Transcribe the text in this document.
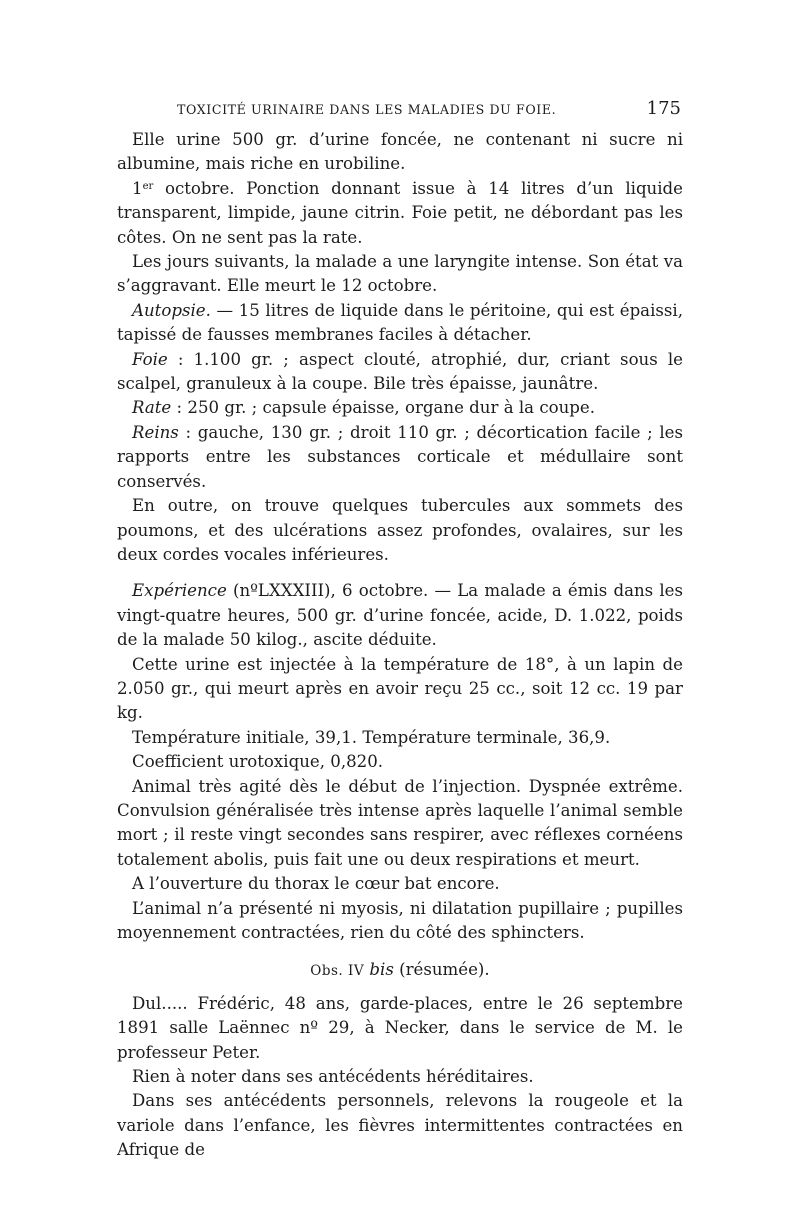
TOXICITÉ URINAIRE DANS LES MALADIES DU FOIE.	175

Elle urine 500 gr. d’urine foncée, ne contenant ni sucre ni albumine, mais riche en urobiline.

1er octobre. Ponction donnant issue à 14 litres d’un liquide transparent, limpide, jaune citrin. Foie petit, ne débordant pas les côtes. On ne sent pas la rate.

Les jours suivants, la malade a une laryngite intense. Son état va s’aggravant. Elle meurt le 12 octobre.

Autopsie. — 15 litres de liquide dans le péritoine, qui est épaissi, tapissé de fausses membranes faciles à détacher.

Foie : 1.100 gr. ; aspect clouté, atrophié, dur, criant sous le scalpel, granuleux à la coupe. Bile très épaisse, jaunâtre.

Rate : 250 gr. ; capsule épaisse, organe dur à la coupe.

Reins : gauche, 130 gr. ; droit 110 gr. ; décortication facile ; les rapports entre les substances corticale et médullaire sont conservés.

En outre, on trouve quelques tubercules aux sommets des poumons, et des ulcérations assez profondes, ovalaires, sur les deux cordes vocales inférieures.

Expérience (nºLXXXIII), 6 octobre. — La malade a émis dans les vingt-quatre heures, 500 gr. d’urine foncée, acide, D. 1.022, poids de la malade 50 kilog., ascite déduite.

Cette urine est injectée à la température de 18°, à un lapin de 2.050 gr., qui meurt après en avoir reçu 25 cc., soit 12 cc. 19 par kg.

Température initiale, 39,1. Température terminale, 36,9.

Coefficient urotoxique, 0,820.

Animal très agité dès le début de l’injection. Dyspnée extrême. Convulsion généralisée très intense après laquelle l’animal semble mort ; il reste vingt secondes sans respirer, avec réflexes cornéens totalement abolis, puis fait une ou deux respirations et meurt.

A l’ouverture du thorax le cœur bat encore.

L’animal n’a présenté ni myosis, ni dilatation pupillaire ; pupilles moyennement contractées, rien du côté des sphincters.

Obs. IV bis (résumée).

Dul..... Frédéric, 48 ans, garde-places, entre le 26 septembre 1891 salle Laënnec nº 29, à Necker, dans le service de M. le professeur Peter.

Rien à noter dans ses antécédents héréditaires.

Dans ses antécédents personnels, relevons la rougeole et la variole dans l’enfance, les fièvres intermittentes contractées en Afrique de
